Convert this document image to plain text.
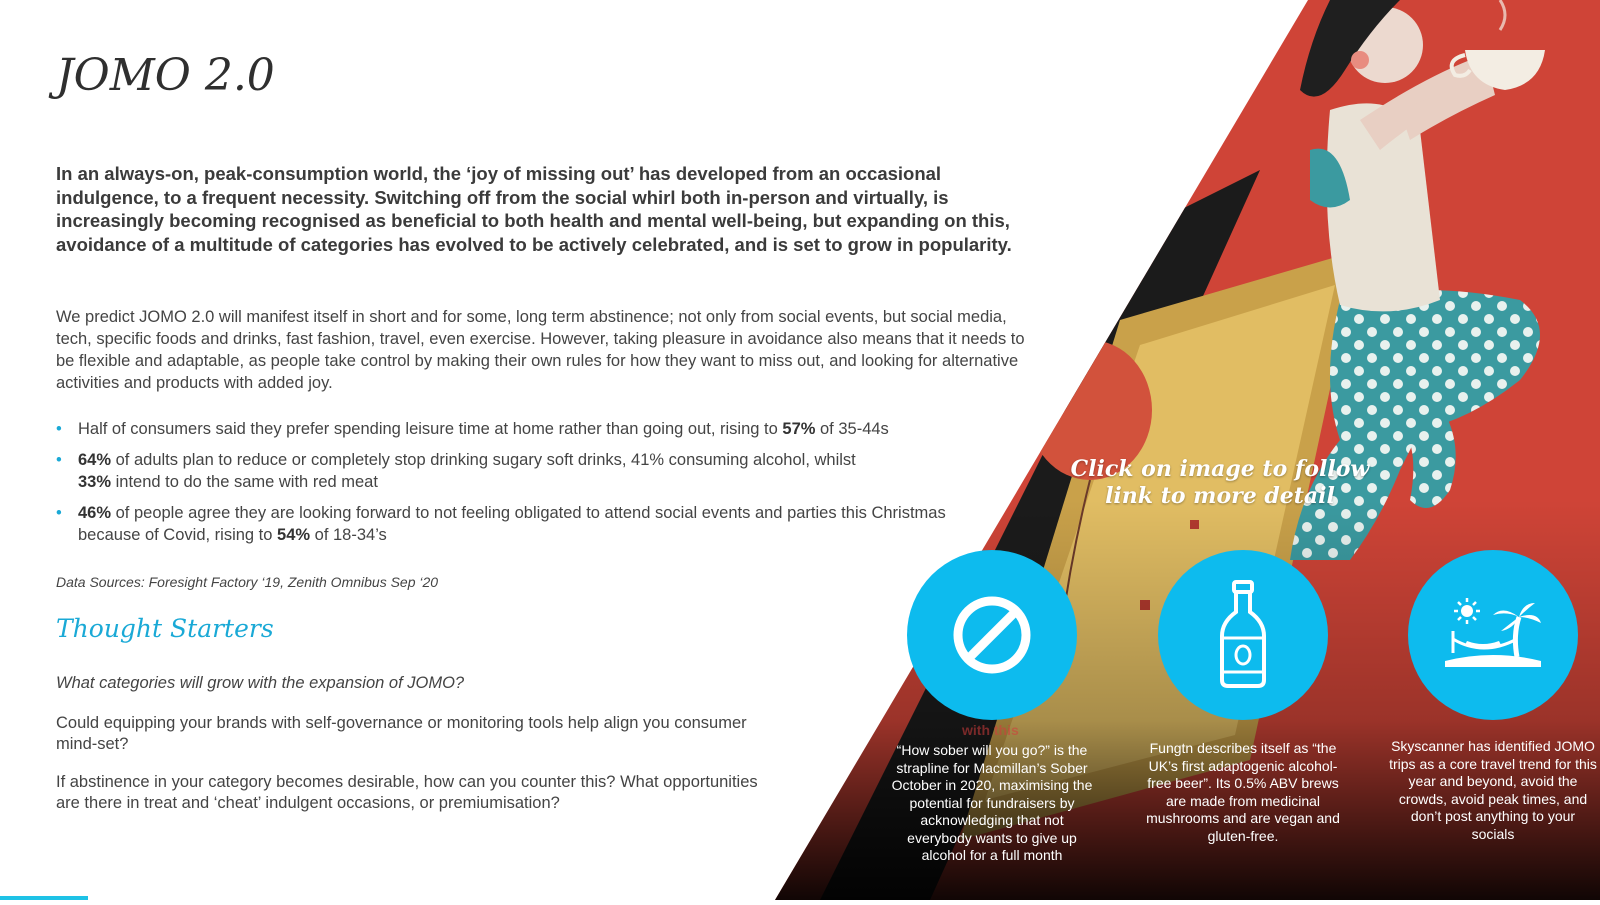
JOMO 2.0

In an always-on, peak-consumption world, the ‘joy of missing out’ has developed from an occasional indulgence, to a frequent necessity. Switching off from the social whirl both in-person and virtually, is increasingly becoming recognised as beneficial to both health and mental well-being, but expanding on this, avoidance of a multitude of categories has evolved to be actively celebrated, and is set to grow in popularity.

We predict JOMO 2.0 will manifest itself in short and for some, long term abstinence; not only from social events, but social media, tech, specific foods and drinks, fast fashion, travel, even exercise. However, taking pleasure in avoidance also means that it needs to be flexible and adaptable, as people take control by making their own rules for how they want to miss out, and looking for alternative activities and products with added joy.

• Half of consumers said they prefer spending leisure time at home rather than going out, rising to 57% of 35-44s
• 64% of adults plan to reduce or completely stop drinking sugary soft drinks, 41% consuming alcohol, whilst
33% intend to do the same with red meat
• 46% of people agree they are looking forward to not feeling obligated to attend social events and parties this Christmas because of Covid, rising to 54% of 18-34’s

Data Sources: Foresight Factory ‘19, Zenith Omnibus Sep ‘20

Thought Starters

What categories will grow with the expansion of JOMO?

Could equipping your brands with self-governance or monitoring tools help align you consumer mind-set?

If abstinence in your category becomes desirable, how can you counter this? What opportunities are there in treat and ‘cheat’ indulgent occasions, or premiumisation?

Click on image to follow link to more detail
with this
“How sober will you go?” is the strapline for Macmillan’s Sober October in 2020, maximising the potential for fundraisers by acknowledging that not everybody wants to give up alcohol for a full month
Fungtn describes itself as “the UK’s first adaptogenic alcohol-free beer”. Its 0.5% ABV brews are made from medicinal mushrooms and are vegan and gluten-free.
Skyscanner has identified JOMO trips as a core travel trend for this year and beyond, avoid the crowds, avoid peak times, and don’t post anything to your socials
